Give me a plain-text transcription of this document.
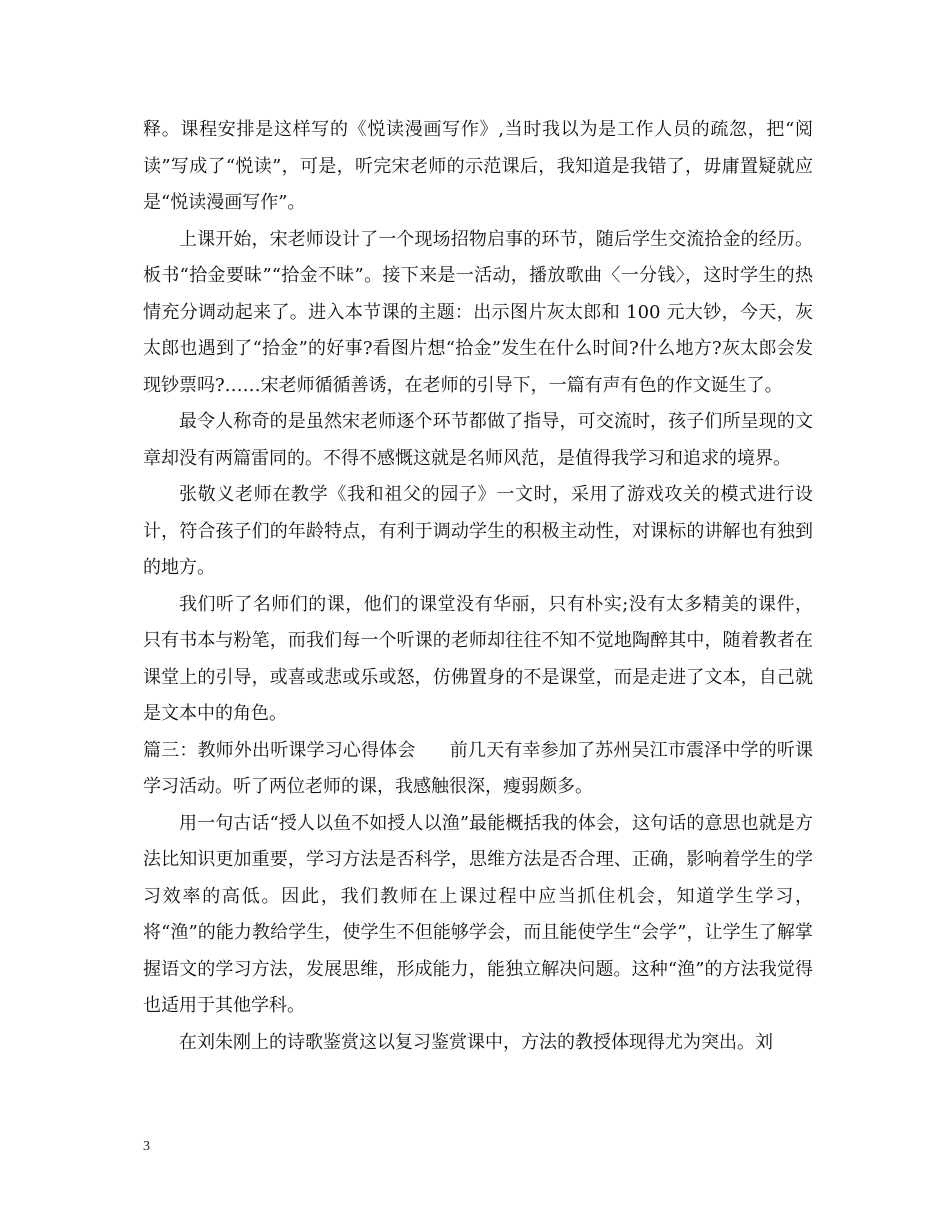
释。课程安排是这样写的《悦读漫画写作》,当时我以为是工作人员的疏忽，把“阅读”写成了“悦读”，可是，听完宋老师的示范课后，我知道是我错了，毋庸置疑就应是“悦读漫画写作”。

上课开始，宋老师设计了一个现场招物启事的环节，随后学生交流拾金的经历。板书“拾金要昧”“拾金不昧”。接下来是一活动，播放歌曲〈一分钱〉，这时学生的热情充分调动起来了。进入本节课的主题：出示图片灰太郎和 100 元大钞，今天，灰太郎也遇到了“拾金”的好事?看图片想“拾金”发生在什么时间?什么地方?灰太郎会发现钞票吗?……宋老师循循善诱，在老师的引导下，一篇有声有色的作文诞生了。

最令人称奇的是虽然宋老师逐个环节都做了指导，可交流时，孩子们所呈现的文章却没有两篇雷同的。不得不感慨这就是名师风范，是值得我学习和追求的境界。

张敬义老师在教学《我和祖父的园子》一文时，采用了游戏攻关的模式进行设计，符合孩子们的年龄特点，有利于调动学生的积极主动性，对课标的讲解也有独到的地方。

我们听了名师们的课，他们的课堂没有华丽，只有朴实;没有太多精美的课件，只有书本与粉笔，而我们每一个听课的老师却往往不知不觉地陶醉其中，随着教者在课堂上的引导，或喜或悲或乐或怒，仿佛置身的不是课堂，而是走进了文本，自己就是文本中的角色。

篇三：教师外出听课学习心得体会 前几天有幸参加了苏州吴江市震泽中学的听课学习活动。听了两位老师的课，我感触很深，瘦弱颇多。

用一句古话“授人以鱼不如授人以渔”最能概括我的体会，这句话的意思也就是方法比知识更加重要，学习方法是否科学，思维方法是否合理、正确，影响着学生的学习效率的高低。因此，我们教师在上课过程中应当抓住机会，知道学生学习，将“渔”的能力教给学生，使学生不但能够学会，而且能使学生“会学”，让学生了解掌握语文的学习方法，发展思维，形成能力，能独立解决问题。这种“渔”的方法我觉得也适用于其他学科。

在刘朱刚上的诗歌鉴赏这以复习鉴赏课中，方法的教授体现得尤为突出。刘

3
